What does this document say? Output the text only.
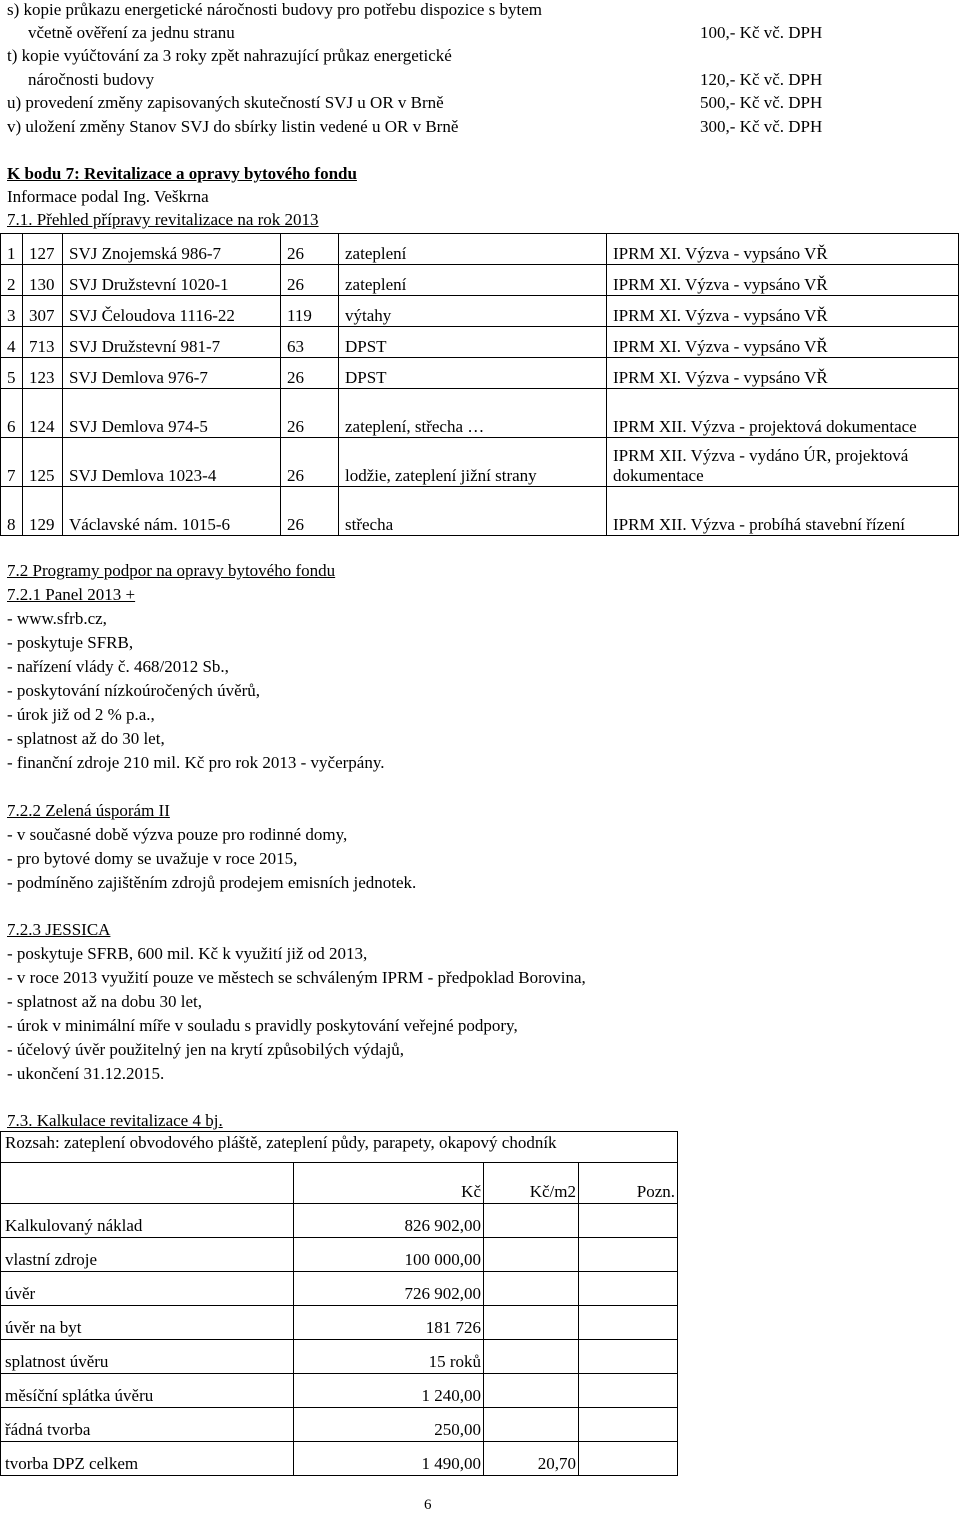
s) kopie průkazu energetické náročnosti budovy pro potřebu dispozice s bytem
včetně ověření za jednu stranu	100,- Kč vč. DPH
t) kopie vyúčtování za 3 roky zpět nahrazující průkaz energetické
náročnosti budovy	120,- Kč vč. DPH
u) provedení změny zapisovaných skutečností SVJ u OR v Brně	500,- Kč vč. DPH
v) uložení změny Stanov SVJ do sbírky listin vedené u OR v Brně	300,- Kč vč. DPH
K bodu 7: Revitalizace a opravy bytového fondu
Informace podal Ing. Veškrna
7.1. Přehled přípravy revitalizace na rok 2013
1	127	SVJ Znojemská 986-7	26	zateplení	IPRM XI. Výzva - vypsáno VŘ
2	130	SVJ Družstevní 1020-1	26	zateplení	IPRM XI. Výzva - vypsáno VŘ
3	307	SVJ Čeloudova 1116-22	119	výtahy	IPRM XI. Výzva - vypsáno VŘ
4	713	SVJ Družstevní 981-7	63	DPST	IPRM XI. Výzva - vypsáno VŘ
5	123	SVJ Demlova 976-7	26	DPST	IPRM XI. Výzva - vypsáno VŘ
6	124	SVJ Demlova 974-5	26	zateplení, střecha …	IPRM XII. Výzva - projektová dokumentace
7	125	SVJ Demlova 1023-4	26	lodžie, zateplení jižní strany	IPRM XII. Výzva - vydáno ÚR, projektová dokumentace
8	129	Václavské nám. 1015-6	26	střecha	IPRM XII. Výzva - probíhá stavební řízení
7.2 Programy podpor na opravy bytového fondu
7.2.1 Panel 2013 +
- www.sfrb.cz,
- poskytuje SFRB,
- nařízení vlády č. 468/2012 Sb.,
- poskytování nízkoúročených úvěrů,
- úrok již od 2 % p.a.,
- splatnost až do 30 let,
- finanční zdroje 210 mil. Kč pro rok 2013 - vyčerpány.
7.2.2 Zelená úsporám II
- v současné době výzva pouze pro rodinné domy,
- pro bytové domy se uvažuje v roce 2015,
- podmíněno zajištěním zdrojů prodejem emisních jednotek.
7.2.3 JESSICA
- poskytuje SFRB, 600 mil. Kč k využití již od 2013,
- v roce 2013 využití pouze ve městech se schváleným IPRM - předpoklad Borovina,
- splatnost až na dobu 30 let,
- úrok v minimální míře v souladu s pravidly poskytování veřejné podpory,
- účelový úvěr použitelný jen na krytí způsobilých výdajů,
- ukončení 31.12.2015.
7.3. Kalkulace revitalizace 4 bj.
Rozsah: zateplení obvodového pláště, zateplení půdy, parapety, okapový chodník			
	Kč	Kč/m2	Pozn.
Kalkulovaný náklad	826 902,00		
vlastní zdroje	100 000,00		
úvěr	726 902,00		
úvěr na byt	181 726		
splatnost úvěru	15 roků		
měsíční splátka úvěru	1 240,00		
řádná tvorba	250,00		
tvorba DPZ celkem	1 490,00	20,70	
6
